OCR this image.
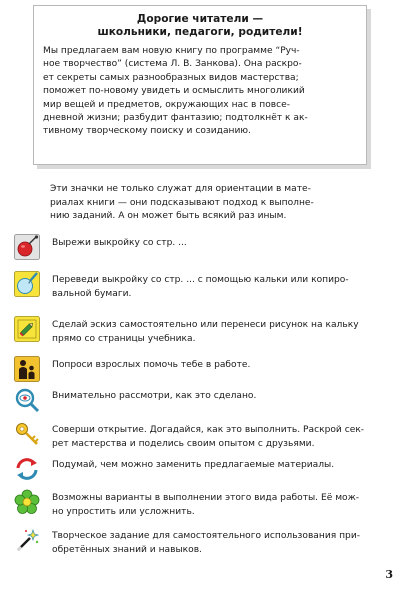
Дорогие читатели —
школьники, педагоги, родители!

Мы предлагаем вам новую книгу по программе “Руч-
ное творчество” (система Л. В. Занкова). Она раскро-
ет секреты самых разнообразных видов мастерства;
поможет по-новому увидеть и осмыслить многоликий
мир вещей и предметов, окружающих нас в повсе-
дневной жизни; разбудит фантазию; подтолкнёт к ак-
тивному творческому поиску и созиданию.

Эти значки не только служат для ориентации в мате-
риалах книги — они подсказывают подход к выполне-
нию заданий. А он может быть всякий раз иным.

Вырежи выкройку со стр. ...

Переведи выкройку со стр. ... с помощью кальки или копиро-
вальной бумаги.

Сделай эскиз самостоятельно или перенеси рисунок на кальку
прямо со страницы учебника.

Попроси взрослых помочь тебе в работе.

Внимательно рассмотри, как это сделано.

Соверши открытие. Догадайся, как это выполнить. Раскрой сек-
рет мастерства и поделись своим опытом с друзьями.

Подумай, чем можно заменить предлагаемые материалы.

Возможны варианты в выполнении этого вида работы. Её мож-
но упростить или усложнить.

Творческое задание для самостоятельного использования при-
обретённых знаний и навыков.

3
